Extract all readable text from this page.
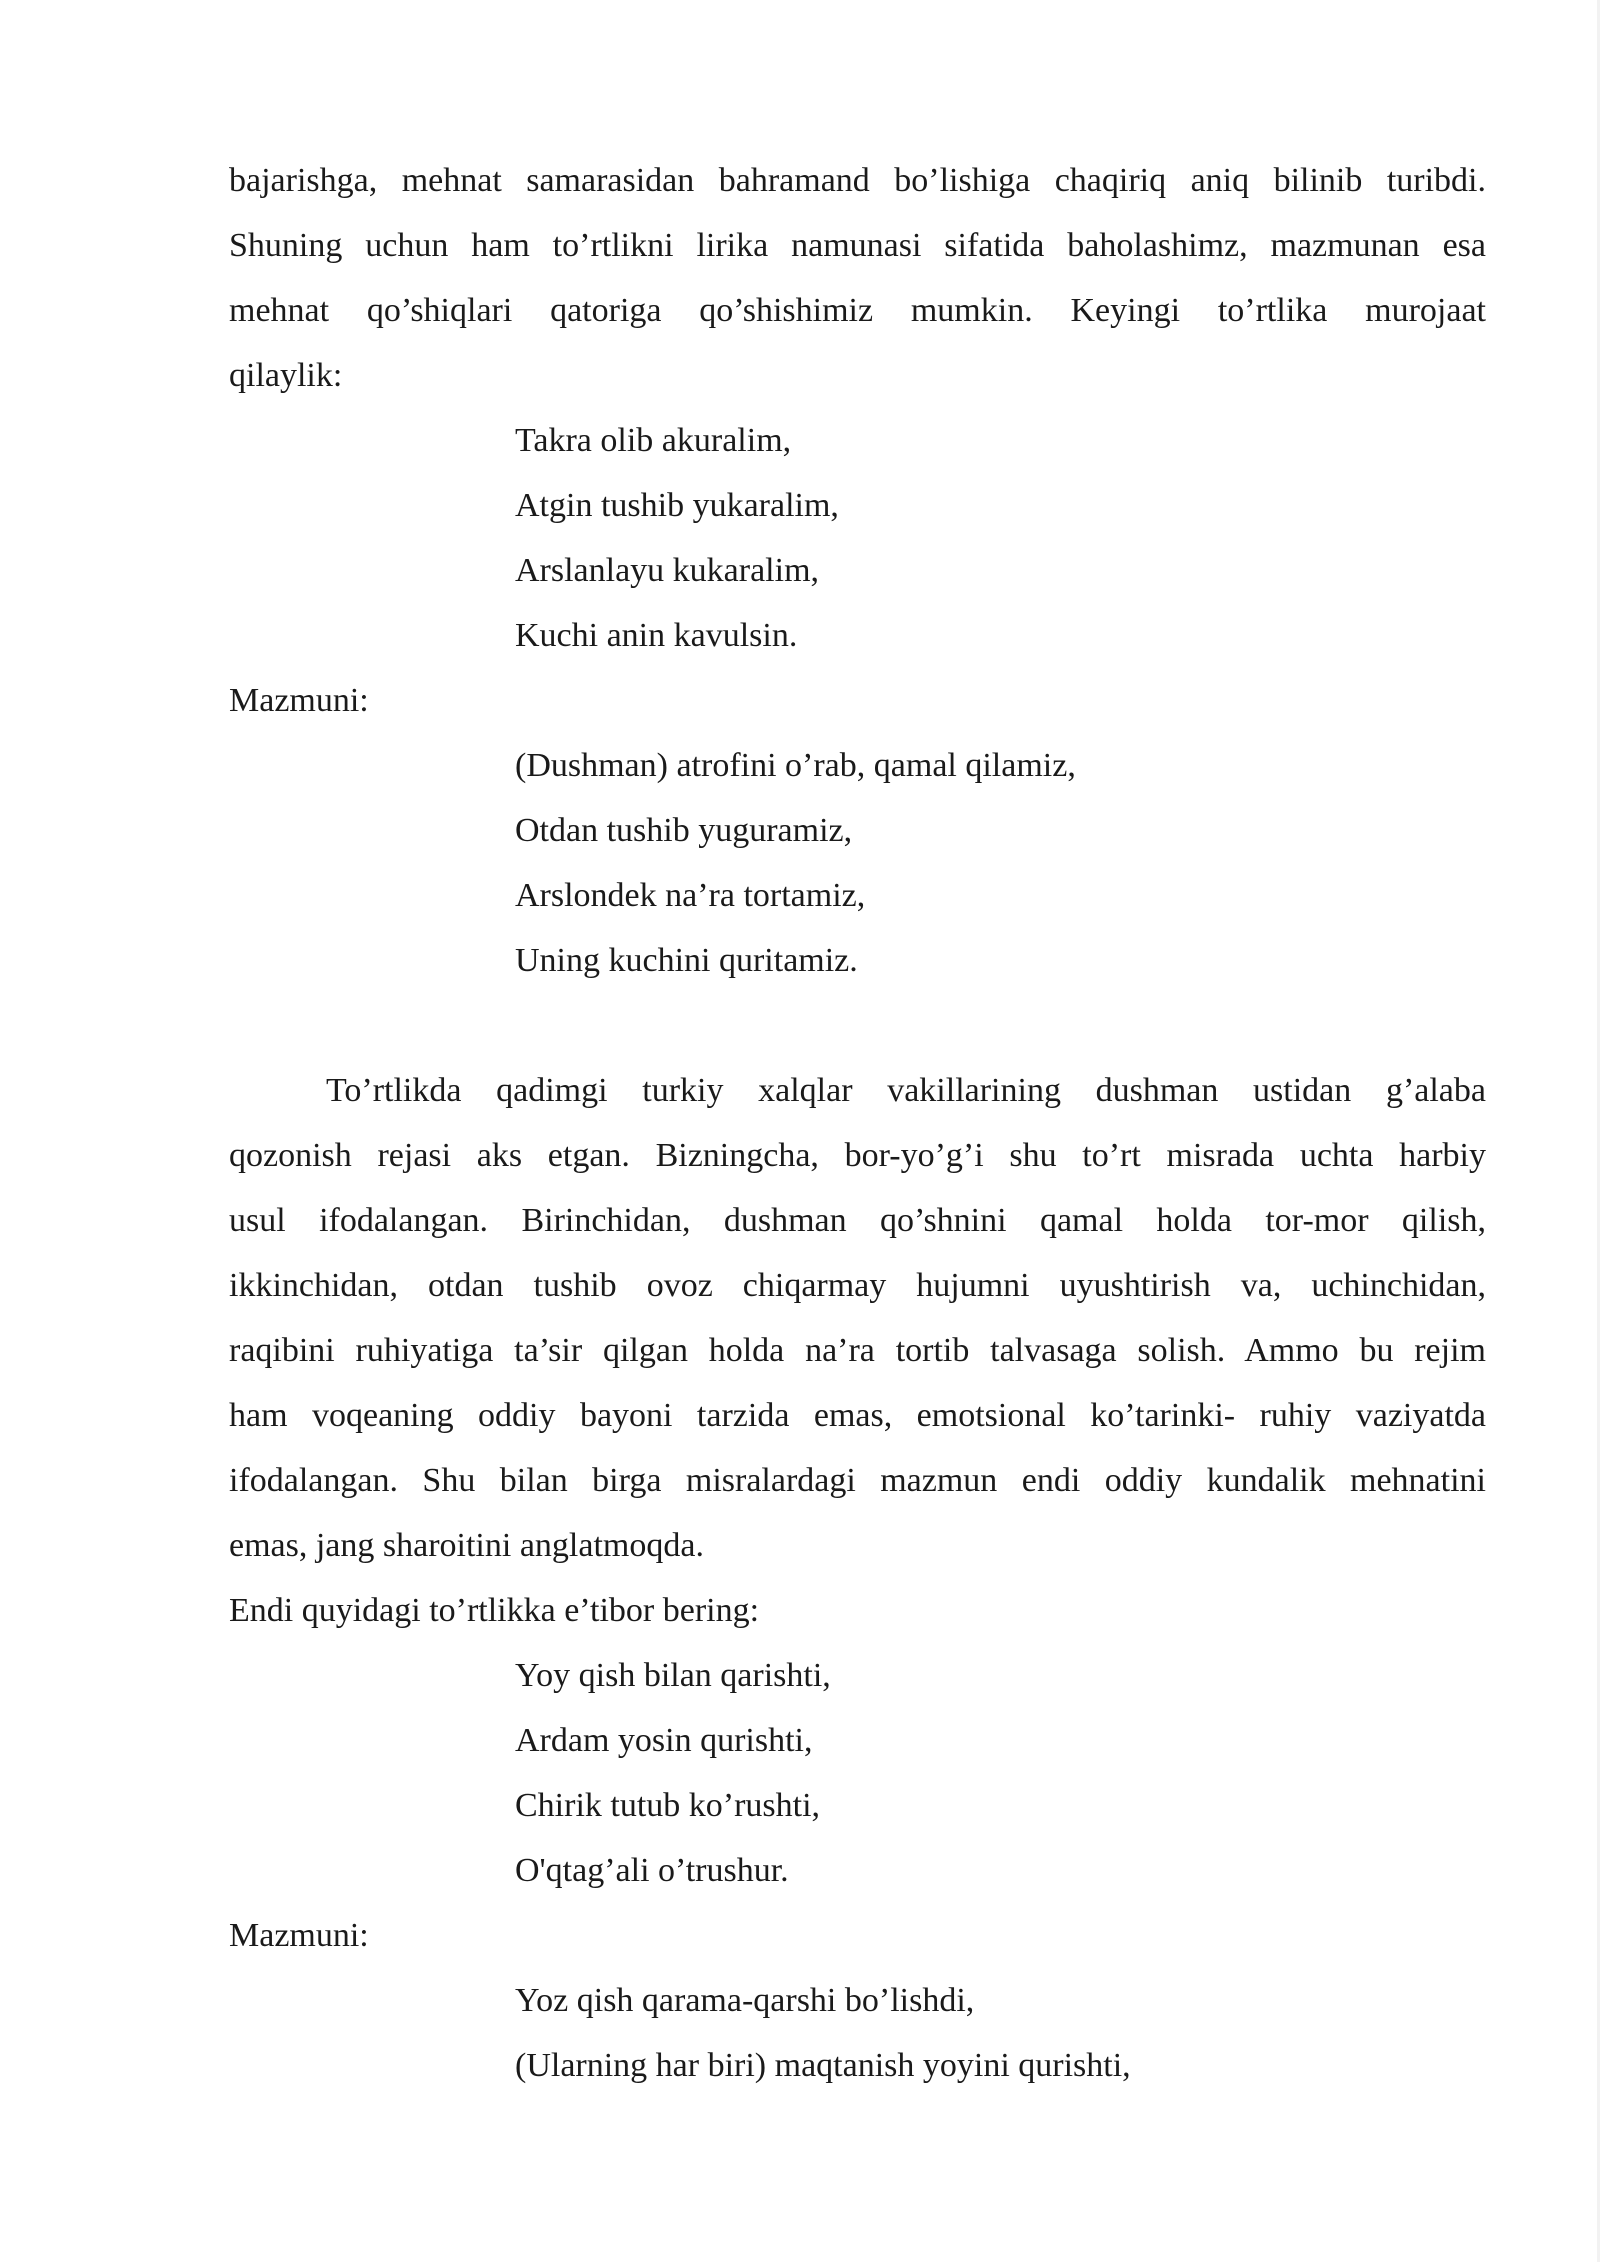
bajarishga, mehnat samarasidan bahramand bo’lishiga chaqiriq aniq bilinib turibdi.
Shuning uchun ham to’rtlikni lirika namunasi sifatida baholashimz, mazmunan esa
mehnat qo’shiqlari qatoriga qo’shishimiz mumkin. Keyingi to’rtlika murojaat
qilaylik:
Takra olib akuralim,
Atgin tushib yukaralim,
Arslanlayu kukaralim,
Kuchi anin kavulsin.

Mazmuni:

(Dushman) atrofini o’rab, qamal qilamiz,
Otdan tushib yuguramiz,
Arslondek na’ra tortamiz,
Uning kuchini quritamiz.
To’rtlikda qadimgi turkiy xalqlar vakillarining dushman ustidan g’alaba
qozonish rejasi aks etgan. Bizningcha, bor-yo’g’i shu to’rt misrada uchta harbiy
usul ifodalangan. Birinchidan, dushman qo’shnini qamal holda tor-mor qilish,
ikkinchidan, otdan tushib ovoz chiqarmay hujumni uyushtirish va, uchinchidan,
raqibini ruhiyatiga ta’sir qilgan holda na’ra tortib talvasaga solish. Ammo bu rejim
ham voqeaning oddiy bayoni tarzida emas, emotsional ko’tarinki- ruhiy vaziyatda
ifodalangan. Shu bilan birga misralardagi mazmun endi oddiy kundalik mehnatini
emas, jang sharoitini anglatmoqda.

Endi quyidagi to’rtlikka e’tibor bering:

Yoy qish bilan qarishti,
Ardam yosin qurishti,
Chirik tutub ko’rushti,
O'qtag’ali o’trushur.

Mazmuni:

Yoz qish qarama-qarshi bo’lishdi,
(Ularning har biri) maqtanish yoyini qurishti,
